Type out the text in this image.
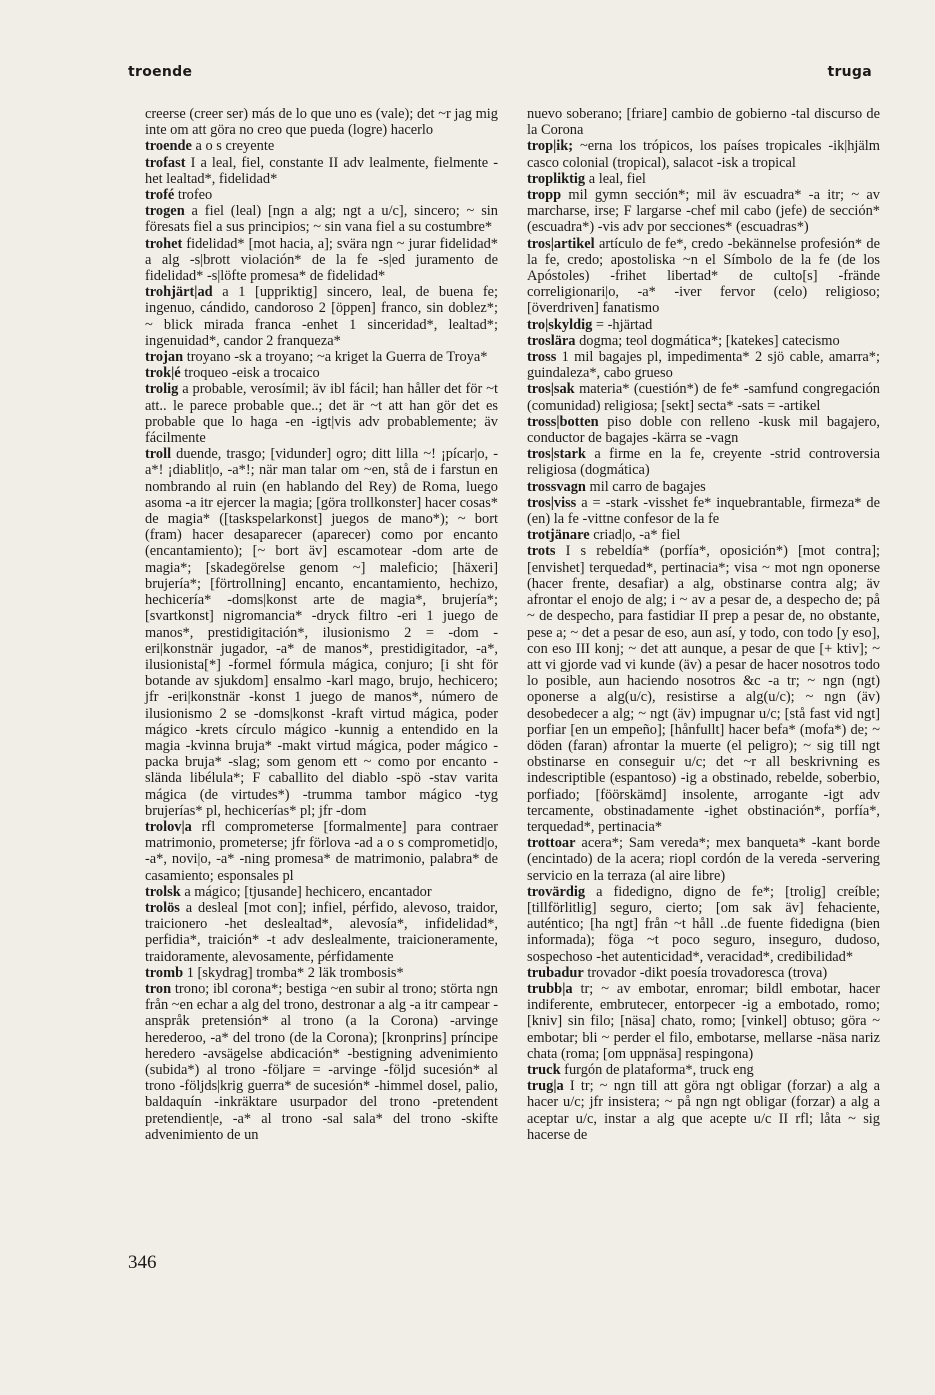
troende	truga

creerse (creer ser) más de lo que uno es (vale); det ~r jag mig inte om att göra no creo que pueda (logre) hacerlo

troende a o s creyente

trofast I a leal, fiel, constante II adv lealmente, fielmente -het lealtad*, fidelidad*

trofé trofeo

trogen a fiel (leal) [ngn a alg; ngt a u/c], sincero; ~ sin föresats fiel a sus principios; ~ sin vana fiel a su costumbre*

trohet fidelidad* [mot hacia, a]; svära ngn ~ jurar fidelidad* a alg -s|brott violación* de la fe -s|ed juramento de fidelidad* -s|löfte promesa* de fidelidad*

trohjärt|ad a 1 [uppriktig] sincero, leal, de buena fe; ingenuo, cándido, candoroso 2 [öppen] franco, sin doblez*; ~ blick mirada franca -enhet 1 sinceridad*, lealtad*; ingenuidad*, candor 2 franqueza*

trojan troyano -sk a troyano; ~a kriget la Guerra de Troya*

trok|é troqueo -eisk a trocaico

trolig a probable, verosímil; äv ibl fácil; han håller det för ~t att.. le parece probable que..; det är ~t att han gör det es probable que lo haga -en -igt|vis adv probablemente; äv fácilmente

troll duende, trasgo; [vidunder] ogro; ditt lilla ~! ¡pícar|o, -a*! ¡diablit|o, -a*!; när man talar om ~en, stå de i farstun en nombrando al ruin (en hablando del Rey) de Roma, luego asoma -a itr ejercer la magia; [göra trollkonster] hacer cosas* de magia* ([taskspelarkonst] juegos de mano*); ~ bort (fram) hacer desaparecer (aparecer) como por encanto (encantamiento); [~ bort äv] escamotear -dom arte de magia*; [skadegörelse genom ~] maleficio; [häxeri] brujería*; [förtrollning] encanto, encantamiento, hechizo, hechicería* -doms|konst arte de magia*, brujería*; [svartkonst] nigromancia* -dryck filtro -eri 1 juego de manos*, prestidigitación*, ilusionismo 2 = -dom -eri|konstnär jugador, -a* de manos*, prestidigitador, -a*, ilusionista[*] -formel fórmula mágica, conjuro; [i sht för botande av sjukdom] ensalmo -karl mago, brujo, hechicero; jfr -eri|konstnär -konst 1 juego de manos*, número de ilusionismo 2 se -doms|konst -kraft virtud mágica, poder mágico -krets círculo mágico -kunnig a entendido en la magia -kvinna bruja* -makt virtud mágica, poder mágico -packa bruja* -slag; som genom ett ~ como por encanto -slända libélula*; F caballito del diablo -spö -stav varita mágica (de virtudes*) -trumma tambor mágico -tyg brujerías* pl, hechicerías* pl; jfr -dom

trolov|a rfl comprometerse [formalmente] para contraer matrimonio, prometerse; jfr förlova -ad a o s comprometid|o, -a*, novi|o, -a* -ning promesa* de matrimonio, palabra* de casamiento; esponsales pl

trolsk a mágico; [tjusande] hechicero, encantador

trolös a desleal [mot con]; infiel, pérfido, alevoso, traidor, traicionero -het deslealtad*, alevosía*, infidelidad*, perfidia*, traición* -t adv deslealmente, traicioneramente, traidoramente, alevosamente, pérfidamente

tromb 1 [skydrag] tromba* 2 läk trombosis*

tron trono; ibl corona*; bestiga ~en subir al trono; störta ngn från ~en echar a alg del trono, destronar a alg -a itr campear -anspråk pretensión* al trono (a la Corona) -arvinge herederoo, -a* del trono (de la Corona); [kronprins] príncipe heredero -avsägelse abdicación* -bestigning advenimiento (subida*) al trono -följare = -arvinge -följd sucesión* al trono -följds|krig guerra* de sucesión* -himmel dosel, palio, baldaquín -inkräktare usurpador del trono -pretendent pretendient|e, -a* al trono -sal sala* del trono -skifte advenimiento de un

nuevo soberano; [friare] cambio de gobierno -tal discurso de la Corona

trop|ik; ~erna los trópicos, los países tropicales -ik|hjälm casco colonial (tropical), salacot -isk a tropical

tropliktig a leal, fiel

tropp mil gymn sección*; mil äv escuadra* -a itr; ~ av marcharse, irse; F largarse -chef mil cabo (jefe) de sección* (escuadra*) -vis adv por secciones* (escuadras*)

tros|artikel artículo de fe*, credo -bekännelse profesión* de la fe, credo; apostoliska ~n el Símbolo de la fe (de los Apóstoles) -frihet libertad* de culto[s] -frände correligionari|o, -a* -iver fervor (celo) religioso; [överdriven] fanatismo

tro|skyldig = -hjärtad

troslära dogma; teol dogmática*; [katekes] catecismo

tross 1 mil bagajes pl, impedimenta* 2 sjö cable, amarra*; guindaleza*, cabo grueso

tros|sak materia* (cuestión*) de fe* -samfund congregación (comunidad) religiosa; [sekt] secta* -sats = -artikel

tross|botten piso doble con relleno -kusk mil bagajero, conductor de bagajes -kärra se -vagn

tros|stark a firme en la fe, creyente -strid controversia religiosa (dogmática)

trossvagn mil carro de bagajes

tros|viss a = -stark -visshet fe* inquebrantable, firmeza* de (en) la fe -vittne confesor de la fe

trotjänare criad|o, -a* fiel

trots I s rebeldía* (porfía*, oposición*) [mot contra]; [envishet] terquedad*, pertinacia*; visa ~ mot ngn oponerse (hacer frente, desafiar) a alg, obstinarse contra alg; äv afrontar el enojo de alg; i ~ av a pesar de, a despecho de; på ~ de despecho, para fastidiar II prep a pesar de, no obstante, pese a; ~ det a pesar de eso, aun así, y todo, con todo [y eso], con eso III konj; ~ det att aunque, a pesar de que [+ ktiv]; ~ att vi gjorde vad vi kunde (äv) a pesar de hacer nosotros todo lo posible, aun haciendo nosotros &c -a tr; ~ ngn (ngt) oponerse a alg(u/c), resistirse a alg(u/c); ~ ngn (äv) desobedecer a alg; ~ ngt (äv) impugnar u/c; [stå fast vid ngt] porfiar [en un empeño]; [hånfullt] hacer befa* (mofa*) de; ~ döden (faran) afrontar la muerte (el peligro); ~ sig till ngt obstinarse en conseguir u/c; det ~r all beskrivning es indescriptible (espantoso) -ig a obstinado, rebelde, soberbio, porfiado; [föörskämd] insolente, arrogante -igt adv tercamente, obstinadamente -ighet obstinación*, porfía*, terquedad*, pertinacia*

trottoar acera*; Sam vereda*; mex banqueta* -kant borde (encintado) de la acera; riopl cordón de la vereda -servering servicio en la terraza (al aire libre)

trovärdig a fidedigno, digno de fe*; [trolig] creíble; [tillförlitlig] seguro, cierto; [om sak äv] fehaciente, auténtico; [ha ngt] från ~t håll ..de fuente fidedigna (bien informada); föga ~t poco seguro, inseguro, dudoso, sospechoso -het autenticidad*, veracidad*, credibilidad*

trubadur trovador -dikt poesía trovadoresca (trova)

trubb|a tr; ~ av embotar, enromar; bildl embotar, hacer indiferente, embrutecer, entorpecer -ig a embotado, romo; [kniv] sin filo; [näsa] chato, romo; [vinkel] obtuso; göra ~ embotar; bli ~ perder el filo, embotarse, mellarse -näsa nariz chata (roma; [om uppnäsa] respingona)

truck furgón de plataforma*, truck eng

trug|a I tr; ~ ngn till att göra ngt obligar (forzar) a alg a hacer u/c; jfr insistera; ~ på ngn ngt obligar (forzar) a alg a aceptar u/c, instar a alg que acepte u/c II rfl; låta ~ sig hacerse de

346
